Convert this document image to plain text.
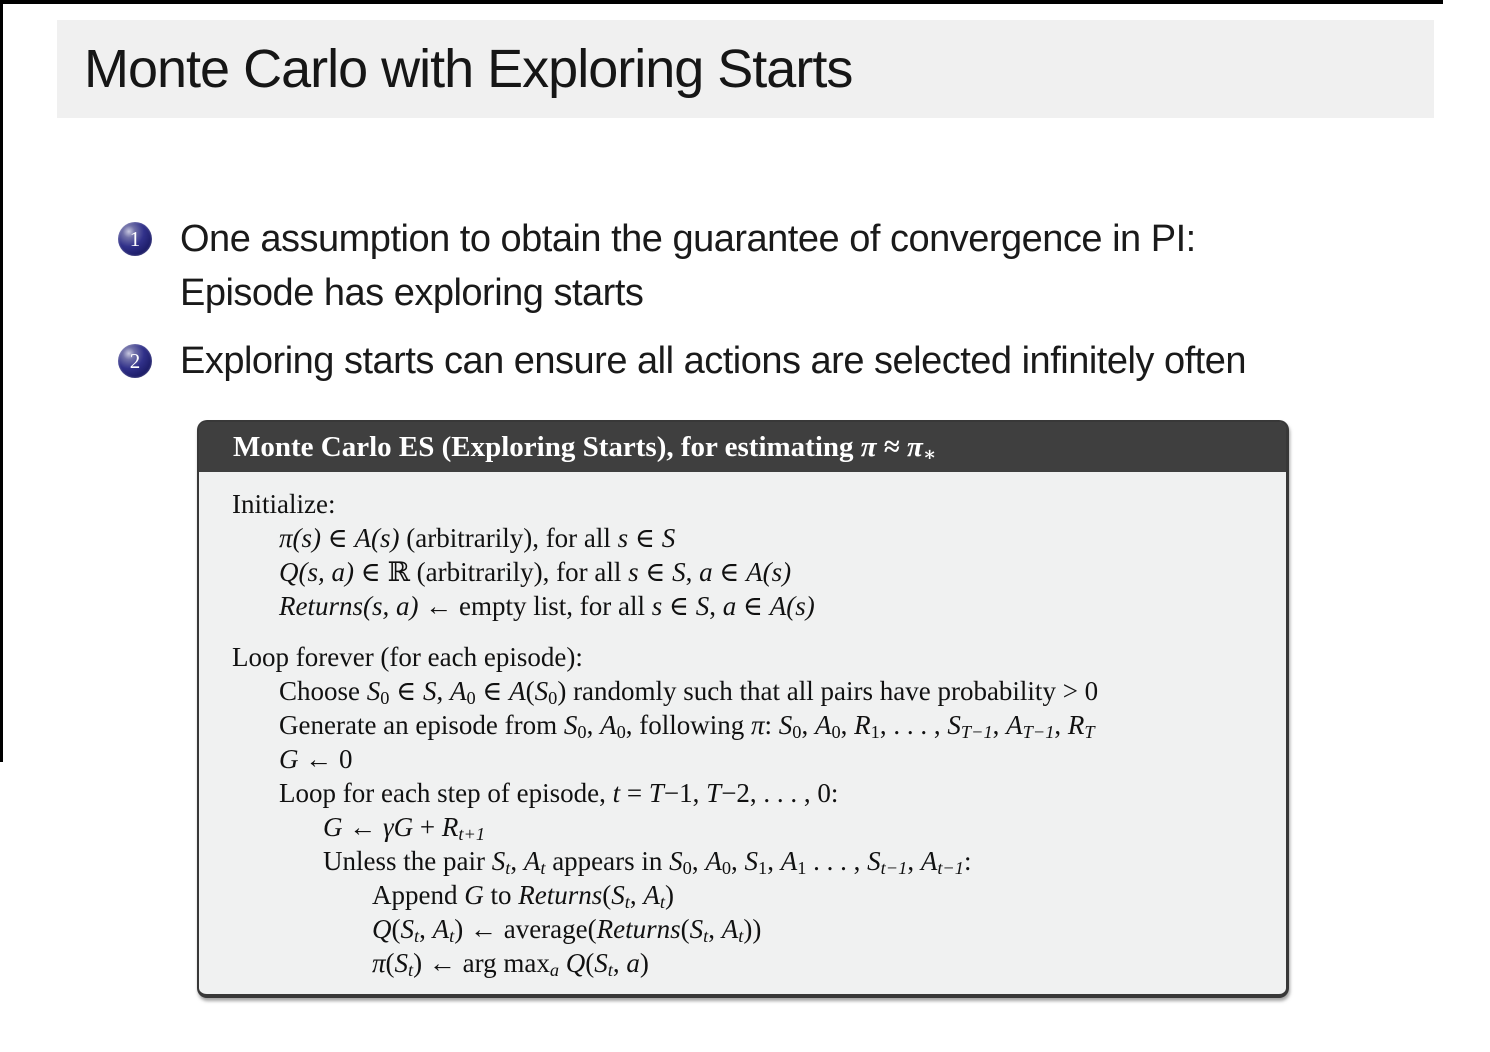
Monte Carlo with Exploring Starts
1	One assumption to obtain the guarantee of convergence in PI:
Episode has exploring starts
2	Exploring starts can ensure all actions are selected infinitely often
Monte Carlo ES (Exploring Starts), for estimating $\pi \approx \pi_∗$
Initialize:
π(s) ∈ A(s) (arbitrarily), for all s ∈ S
Q(s, a) ∈ ℝ (arbitrarily), for all s ∈ S, a ∈ A(s)
Returns(s, a) ← empty list, for all s ∈ S, a ∈ A(s)
Loop forever (for each episode):
Choose $S_0$ ∈ S, $A_0$ ∈ $A(S_0)$ randomly such that all pairs have probability > 0
Generate an episode from $S_0$, $A_0$, following π: $S_0$, $A_0$, $R_1$, . . . , $S_{T-1}$, $A_{T-1}$, $R_T$
G ← 0
Loop for each step of episode, t = T−1, T−2, . . . , 0:
G ← $\gamma G + R_{t+1}$
Unless the pair $S_t$, $A_t$ appears in $S_0$, $A_0$, $S_1$, $A_1$ . . . , $S_{t-1}$, $A_{t-1}$:
Append G to $Returns(S_t$, $A_t$)
$Q(S_t$, $A_t$) ← $average(Returns(S_t$, $A_t$))
$\pi(S_t)$ ← arg $\max_a Q(S_t$, a)
